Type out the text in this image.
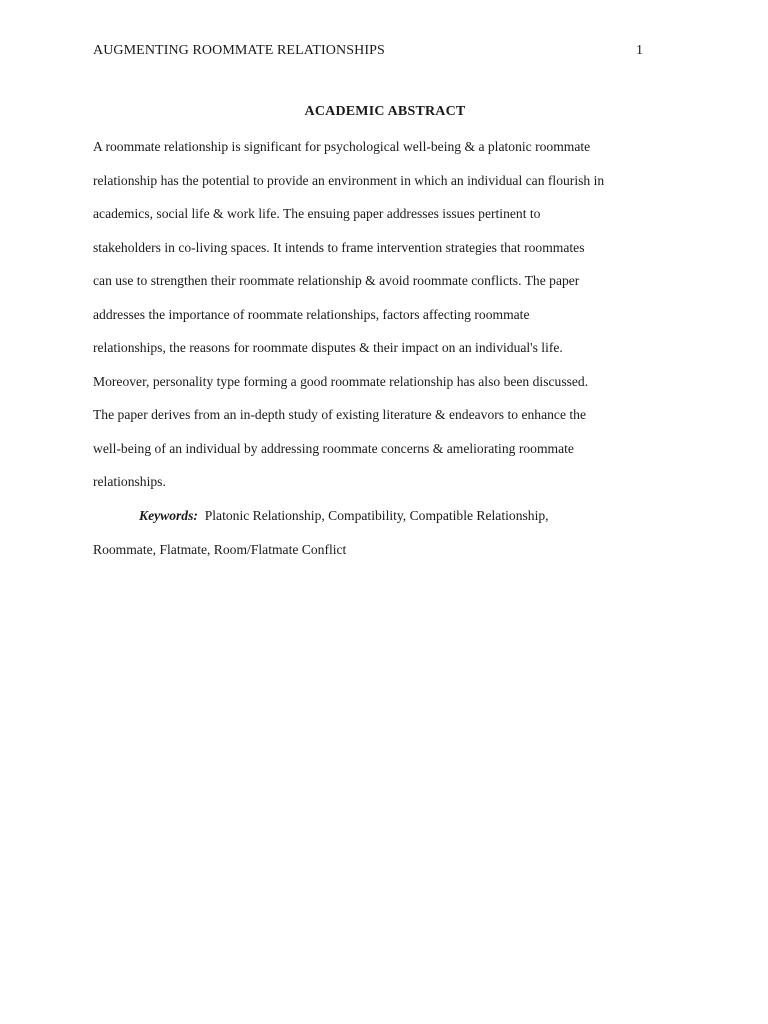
AUGMENTING ROOMMATE RELATIONSHIPS	1
ACADEMIC ABSTRACT
A roommate relationship is significant for psychological well-being & a platonic roommate
relationship has the potential to provide an environment in which an individual can flourish in
academics, social life & work life. The ensuing paper addresses issues pertinent to
stakeholders in co-living spaces. It intends to frame intervention strategies that roommates
can use to strengthen their roommate relationship & avoid roommate conflicts. The paper
addresses the importance of roommate relationships, factors affecting roommate
relationships, the reasons for roommate disputes & their impact on an individual's life.
Moreover, personality type forming a good roommate relationship has also been discussed.
The paper derives from an in-depth study of existing literature & endeavors to enhance the
well-being of an individual by addressing roommate concerns & ameliorating roommate
relationships.
Keywords: Platonic Relationship, Compatibility, Compatible Relationship,
Roommate, Flatmate, Room/Flatmate Conflict
